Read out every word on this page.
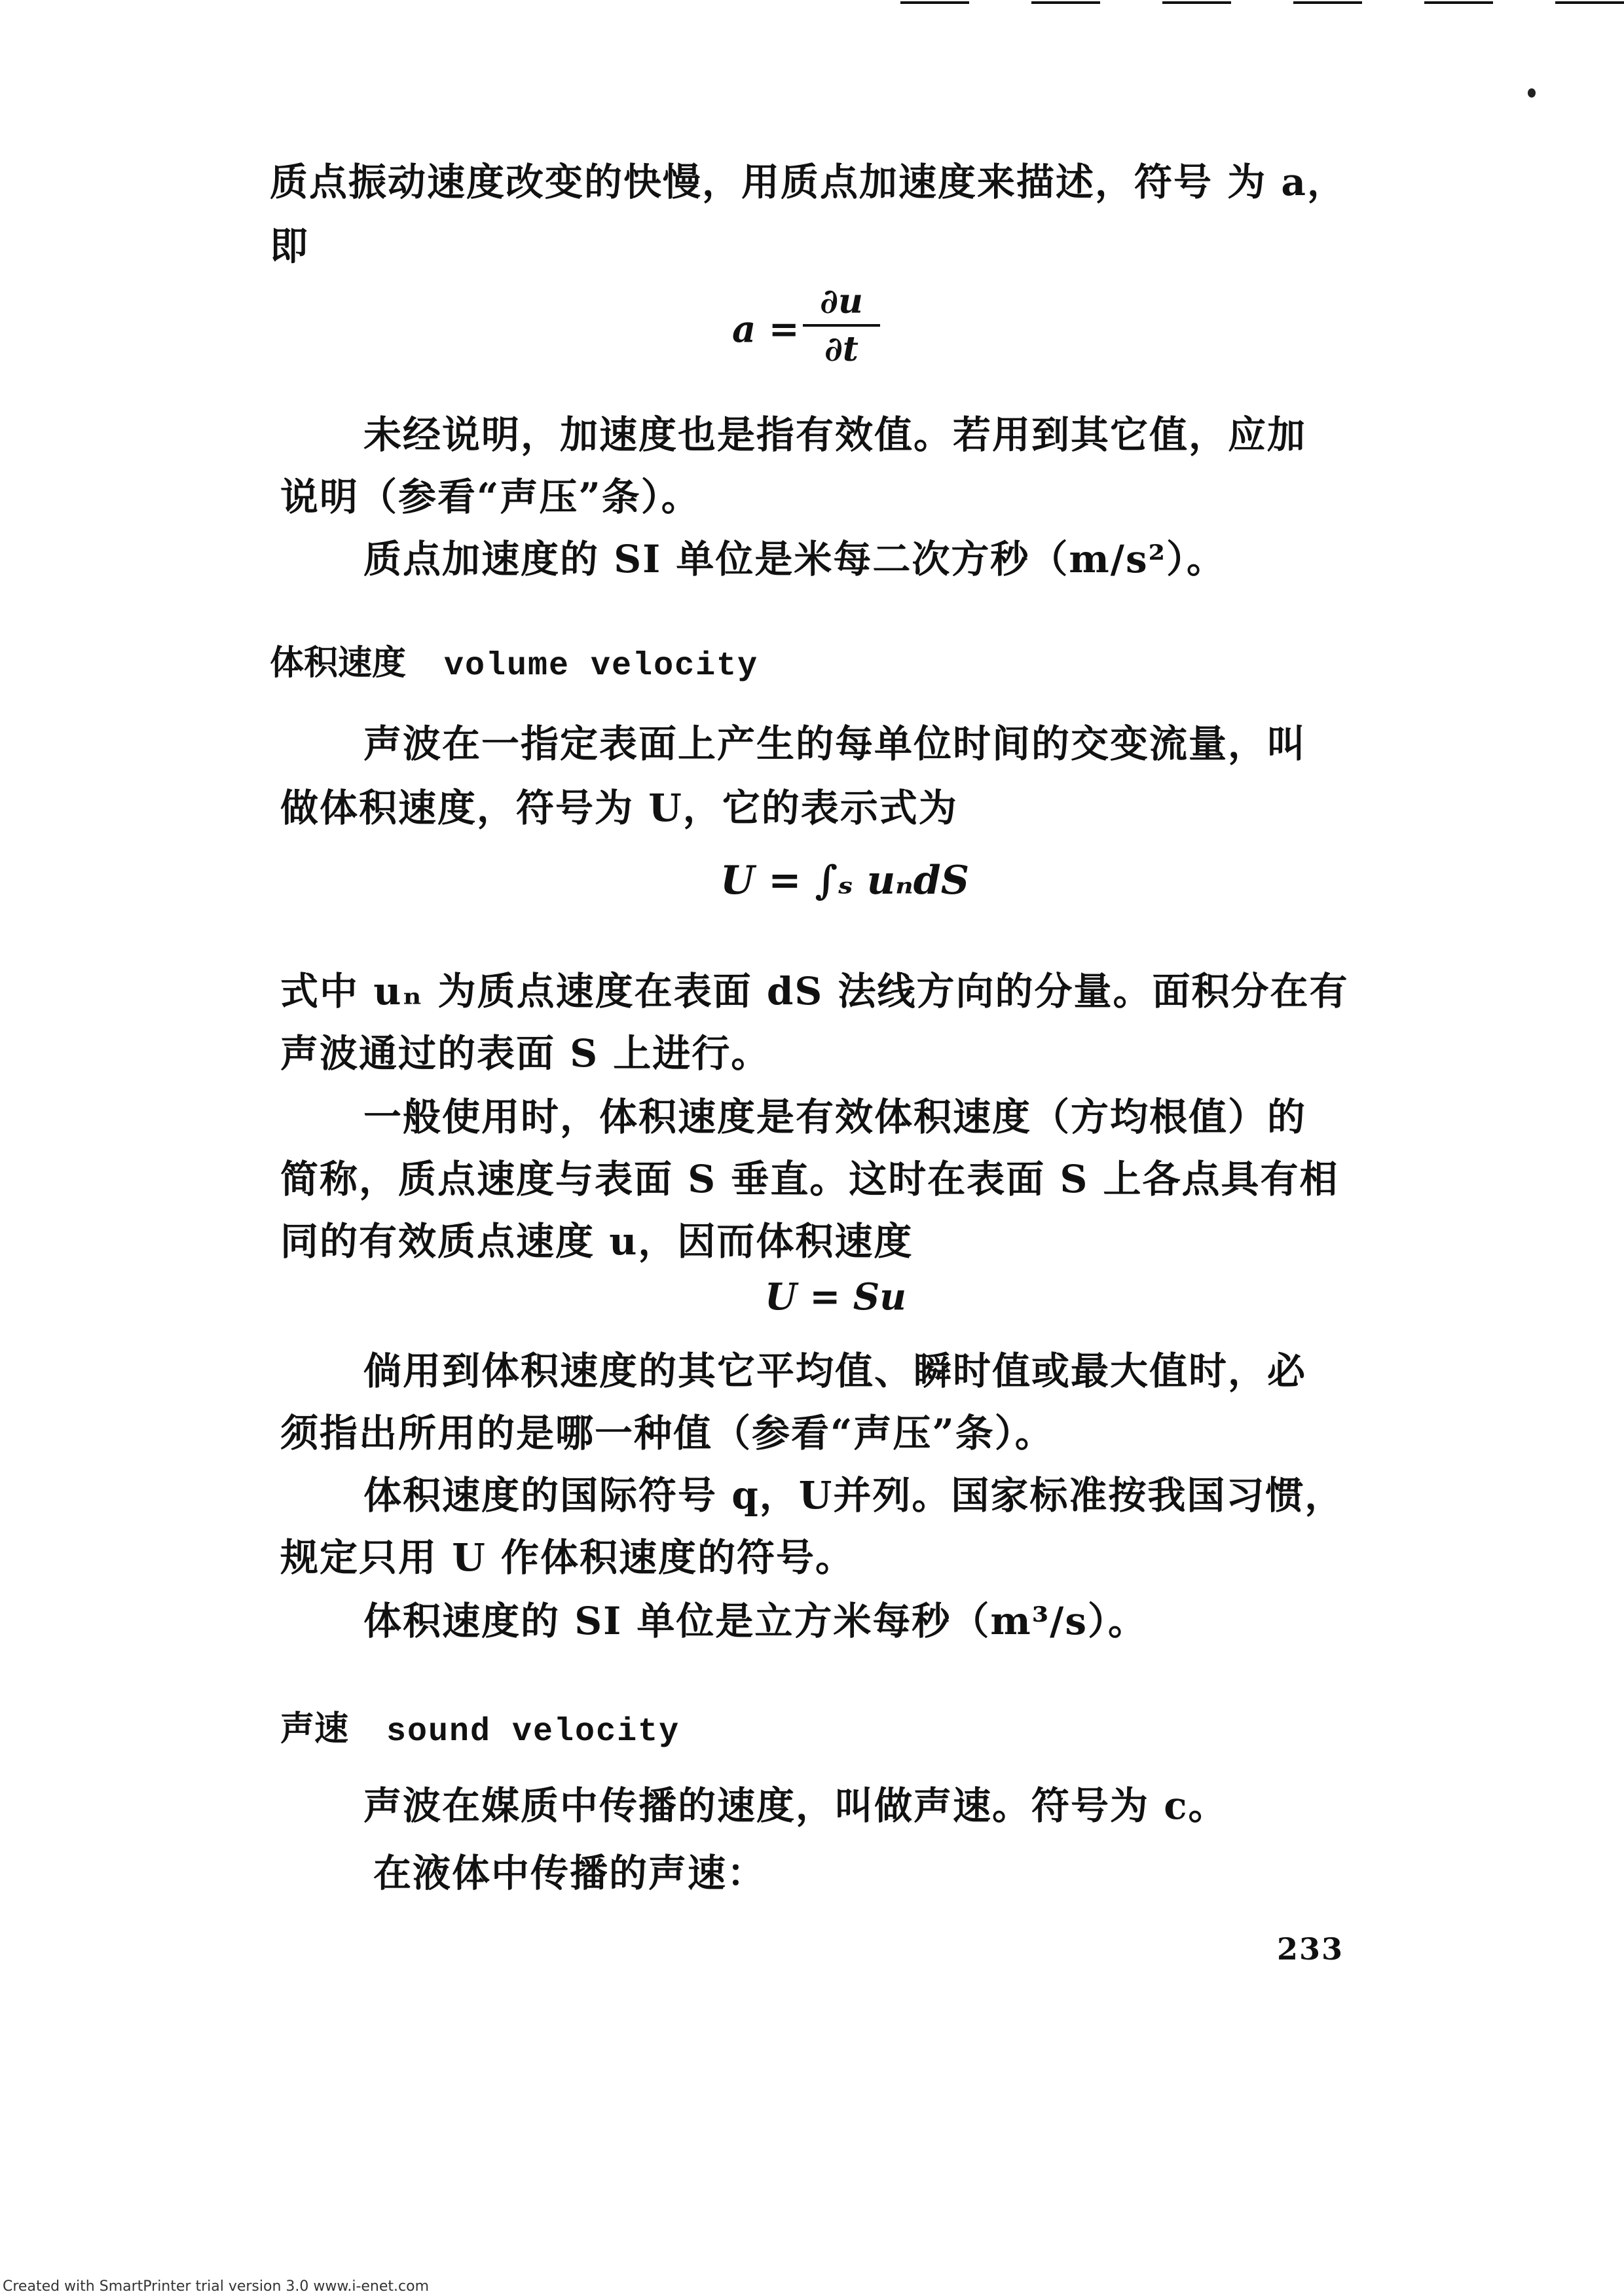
质点振动速度改变的快慢，用质点加速度来描述，符号 为 a，
即
a =
∂u
∂t
未经说明，加速度也是指有效值。若用到其它值，应加
说明（参看“声压”条）。
质点加速度的 SI 单位是米每二次方秒（m/s²）。
体积速度 volume velocity
声波在一指定表面上产生的每单位时间的交变流量，叫
做体积速度，符号为 U，它的表示式为
U = ∫ₛ uₙdS
式中 uₙ 为质点速度在表面 dS 法线方向的分量。面积分在有
声波通过的表面 S 上进行。
一般使用时，体积速度是有效体积速度（方均根值）的
简称，质点速度与表面 S 垂直。这时在表面 S 上各点具有相
同的有效质点速度 u，因而体积速度
U = Su
倘用到体积速度的其它平均值、瞬时值或最大值时，必
须指出所用的是哪一种值（参看“声压”条）。
体积速度的国际符号 q，U并列。国家标准按我国习惯，
规定只用 U 作体积速度的符号。
体积速度的 SI 单位是立方米每秒（m³/s）。
声速 sound velocity
声波在媒质中传播的速度，叫做声速。符号为 c。
在液体中传播的声速：
233
Created with SmartPrinter trial version 3.0 www.i-enet.com
